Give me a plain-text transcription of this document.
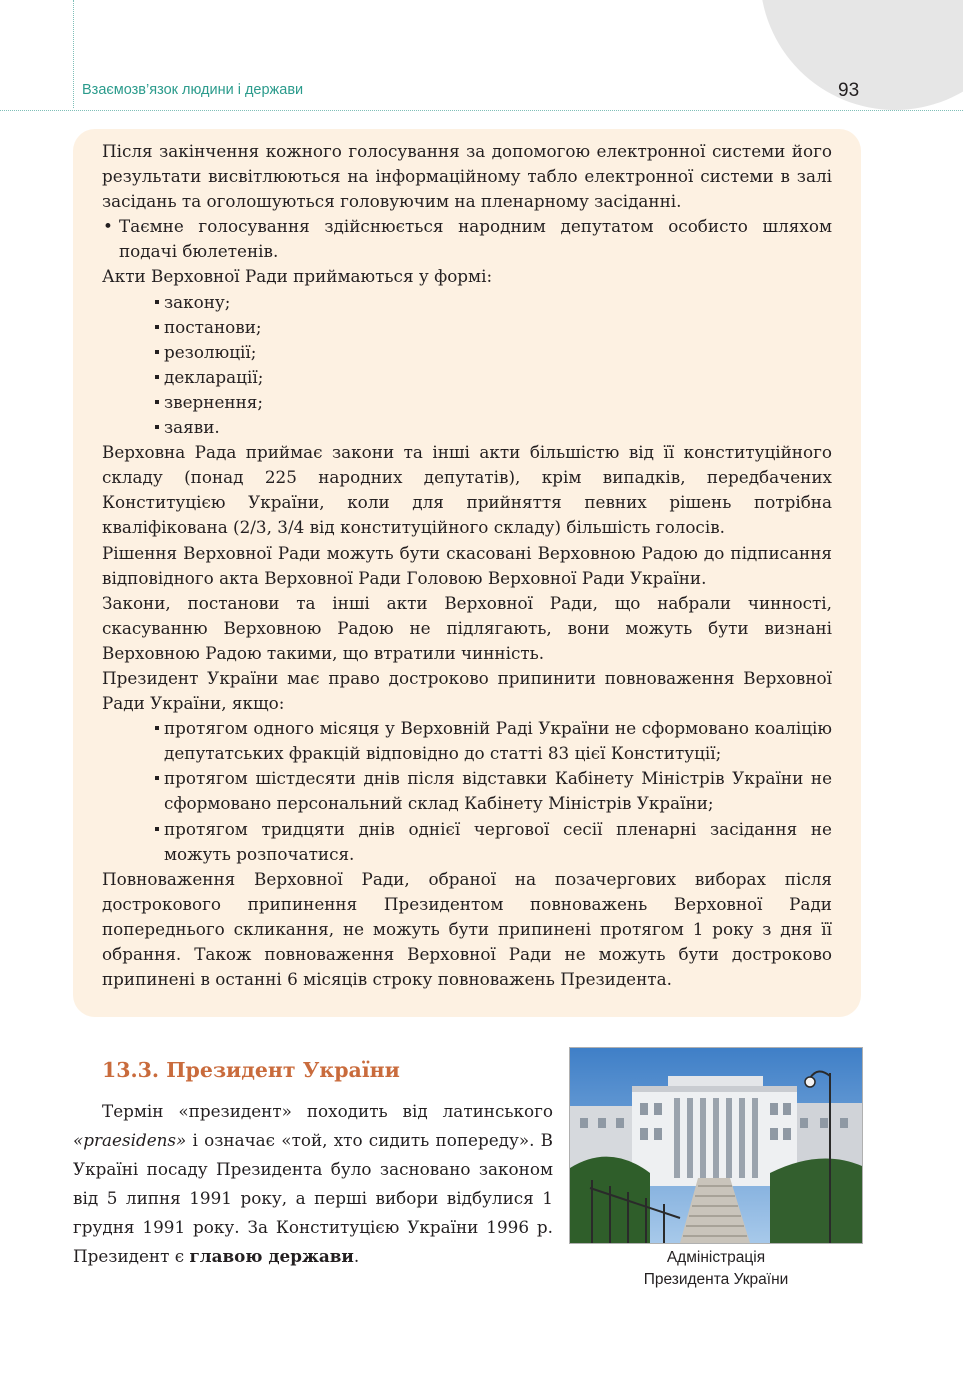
Взаємозв’язок людини і держави	93

Після закінчення кожного голосування за допомогою електронної системи його результати висвітлюються на інформаційному табло електронної системи в залі засідань та оголошуються головуючим на пленарному засіданні.

• Таємне голосування здійснюється народним депутатом особисто шляхом подачі бюлетенів.

Акти Верховної Ради приймаються у формі:

закону;

постанови;

резолюції;

декларації;

звернення;

заяви.

Верховна Рада приймає закони та інші акти більшістю від її конституційного складу (понад 225 народних депутатів), крім випадків, передбачених Конституцією України, коли для прийняття певних рішень потрібна кваліфікована (2/3, 3/4 від конституційного складу) більшість голосів.

Рішення Верховної Ради можуть бути скасовані Верховною Радою до підписання відповідного акта Верховної Ради Головою Верховної Ради України.

Закони, постанови та інші акти Верховної Ради, що набрали чинності, скасуванню Верховною Радою не підлягають, вони можуть бути визнані Верховною Радою такими, що втратили чинність.

Президент України має право достроково припинити повноваження Верховної Ради України, якщо:

протягом одного місяця у Верховній Раді України не сформовано коаліцію депутатських фракцій відповідно до статті 83 цієї Конституції;

протягом шістдесяти днів після відставки Кабінету Міністрів України не сформовано персональний склад Кабінету Міністрів України;

протягом тридцяти днів однієї чергової сесії пленарні засідання не можуть розпочатися.

Повноваження Верховної Ради, обраної на позачергових виборах після дострокового припинення Президентом повноважень Верховної Ради попереднього скликання, не можуть бути припинені протягом 1 року з дня її обрання. Також повноваження Верховної Ради не можуть бути достроково припинені в останні 6 місяців строку повноважень Президента.

13.3. Президент України

Термін «президент» походить від латинського «praesidens» і означає «той, хто сидить попереду». В Україні посаду Президента було засновано законом від 5 липня 1991 року, а перші вибори відбулися 1 грудня 1991 року. За Конституцією України 1996 р. Президент є главою держави.	Адміністрація
Президента України
